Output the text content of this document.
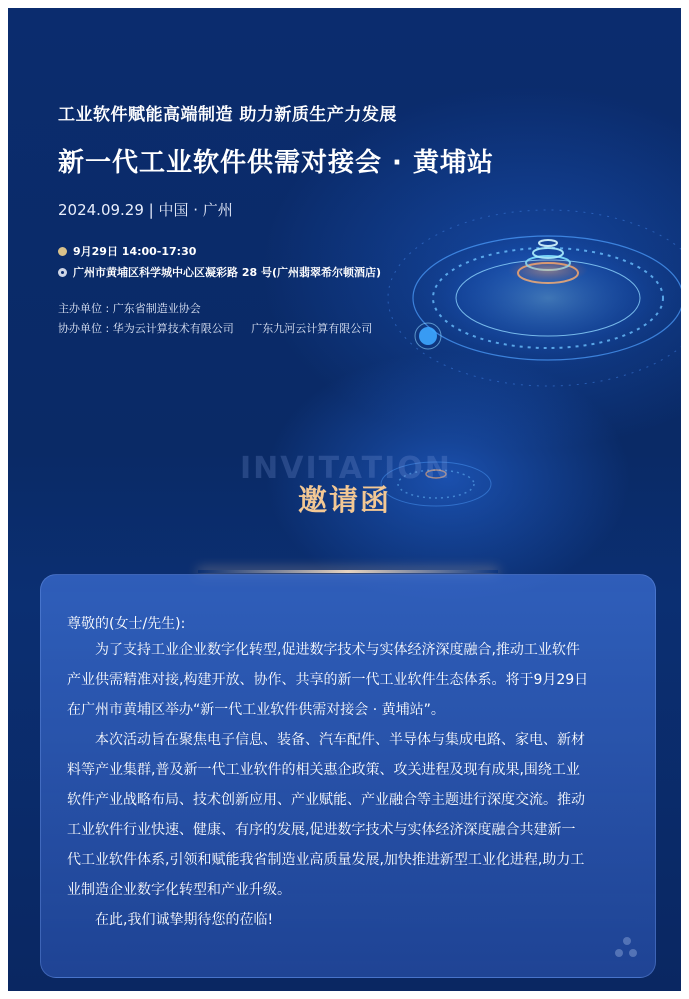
工业软件赋能高端制造 助力新质生产力发展
新一代工业软件供需对接会 · 黄埔站
2024.09.29 | 中国 · 广州
9月29日 14:00-17:30
广州市黄埔区科学城中心区凝彩路 28 号(广州翡翠希尔顿酒店)
主办单位 : 广东省制造业协会
协办单位 : 华为云计算技术有限公司 广东九河云计算有限公司
INVITATION
邀请函
尊敬的(女士/先生):
　　为了支持工业企业数字化转型,促进数字技术与实体经济深度融合,推动工业软件
产业供需精准对接,构建开放、协作、共享的新一代工业软件生态体系。将于9月29日
在广州市黄埔区举办“新一代工业软件供需对接会 · 黄埔站”。
　　本次活动旨在聚焦电子信息、装备、汽车配件、半导体与集成电路、家电、新材
料等产业集群,普及新一代工业软件的相关惠企政策、攻关进程及现有成果,围绕工业
软件产业战略布局、技术创新应用、产业赋能、产业融合等主题进行深度交流。推动
工业软件行业快速、健康、有序的发展,促进数字技术与实体经济深度融合共建新一
代工业软件体系,引领和赋能我省制造业高质量发展,加快推进新型工业化进程,助力工
业制造企业数字化转型和产业升级。
　　在此,我们诚挚期待您的莅临!
